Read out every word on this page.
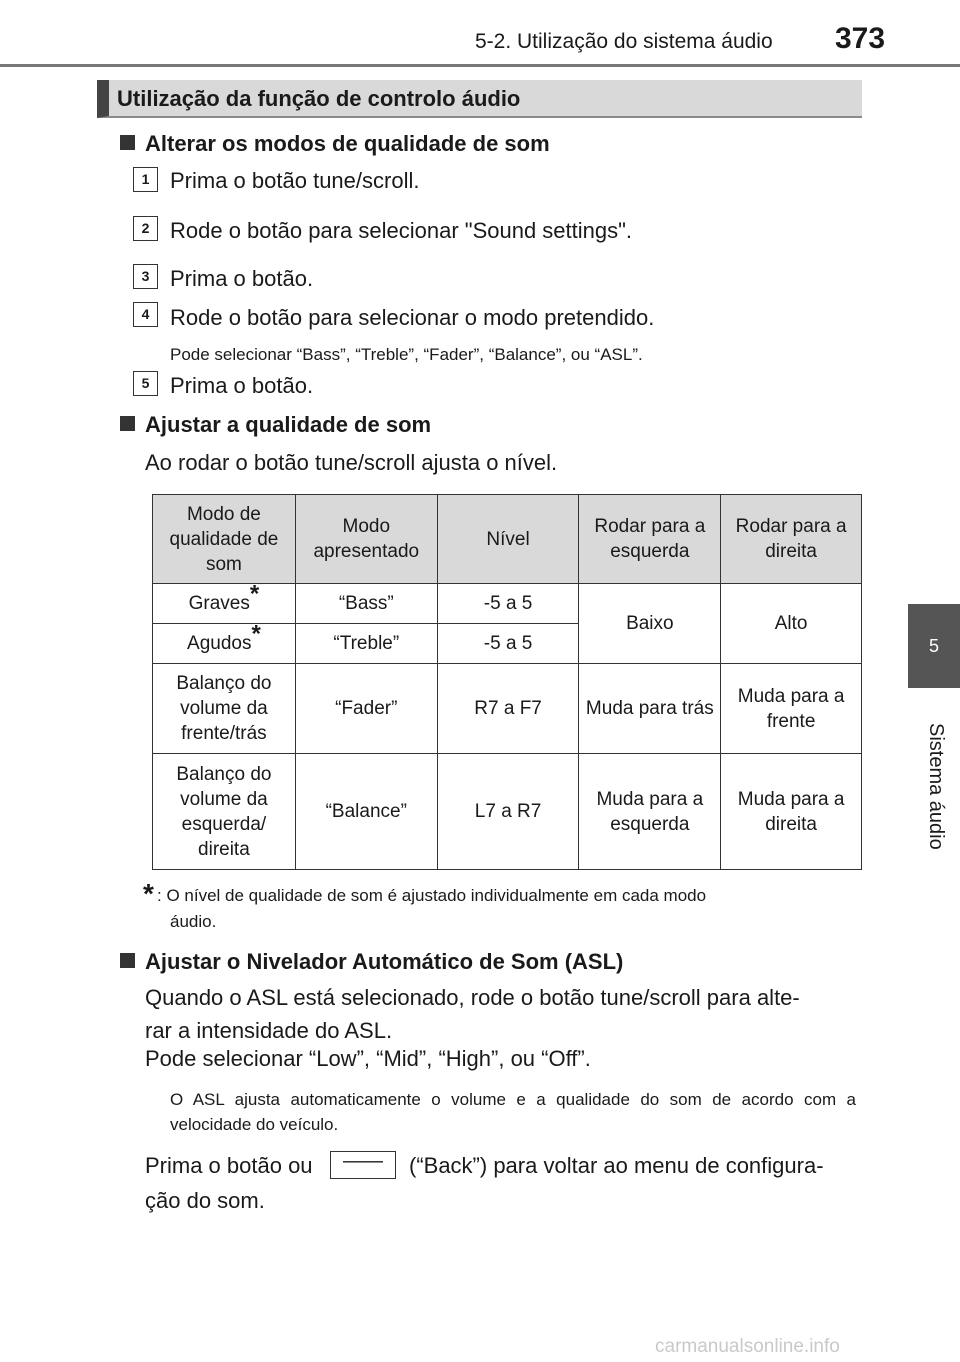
5-2. Utilização do sistema áudio 373
5
Sistema áudio
Utilização da função de controlo áudio
Alterar os modos de qualidade de som
1 Prima o botão tune/scroll.
2 Rode o botão para selecionar "Sound settings".
3 Prima o botão.
4 Rode o botão para selecionar o modo pretendido.
Pode selecionar “Bass”, “Treble”, “Fader”, “Balance”, ou “ASL”.
5 Prima o botão.
Ajustar a qualidade de som
Ao rodar o botão tune/scroll ajusta o nível.
Modo de qualidade de som	Modo apresentado	Nível	Rodar para a esquerda	Rodar para a direita
Graves*	“Bass”	-5 a 5	Baixo	Alto
Agudos*	“Treble”	-5 a 5		
Balanço do volume da frente/trás	“Fader”	R7 a F7	Muda para trás	Muda para a frente
Balanço do volume da esquerda/ direita	“Balance”	L7 a R7	Muda para a esquerda	Muda para a direita
* : O nível de qualidade de som é ajustado individualmente em cada modo
áudio.
Ajustar o Nivelador Automático de Som (ASL)
Quando o ASL está selecionado, rode o botão tune/scroll para alte-
rar a intensidade do ASL.
Pode selecionar “Low”, “Mid”, “High”, ou “Off”.
O ASL ajusta automaticamente o volume e a qualidade do som de acordo com a velocidade do veículo.
Prima o botão ou	——	(“Back”) para voltar ao menu de configura-
ção do som.
carmanualsonline.info
